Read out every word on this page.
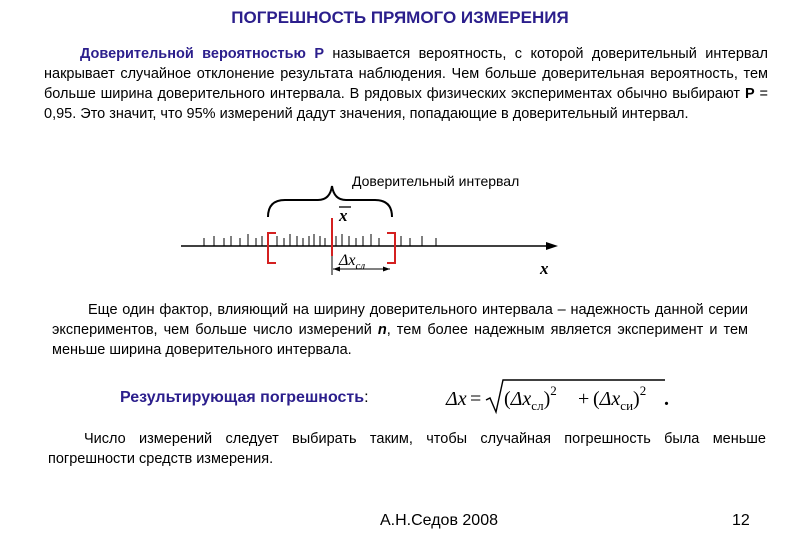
ПОГРЕШНОСТЬ ПРЯМОГО ИЗМЕРЕНИЯ
Доверительной вероятностью P называется вероятность, с которой доверительный интервал накрывает случайное отклонение результата наблюдения. Чем больше доверительная вероятность, тем больше ширина доверительного интервала. В рядовых физических экспериментах обычно выбирают P = 0,95. Это значит, что 95% измерений дадут значения, попадающие в доверительный интервал.
Доверительный интервал
x
$\Delta x_{сл}$	x
Еще один фактор, влияющий на ширину доверительного интервала – надежность данной серии экспериментов, чем больше число измерений n, тем более надежным является эксперимент и тем меньше ширина доверительного интервала.
Результирующая погрешность:	$\Delta x = (\Delta x_{сл})^2 + (\Delta x_{си})^2$ .
Число измерений следует выбирать таким, чтобы случайная погрешность была меньше погрешности средств измерения.
А.Н.Седов 2008	12
